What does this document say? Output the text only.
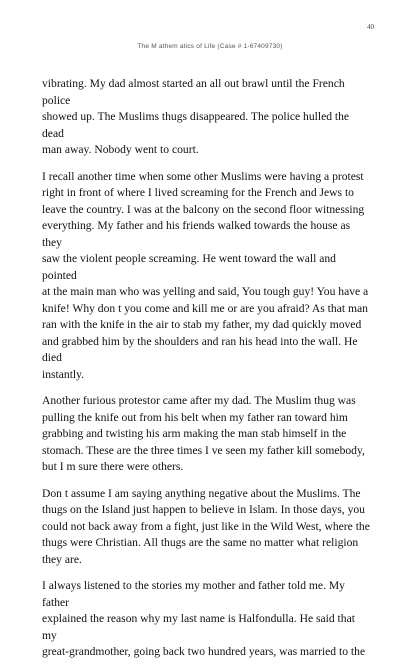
40

The M athem atics of Life (Case # 1-67409730)

vibrating. My dad almost started an all out brawl until the French police
showed up. The Muslims thugs disappeared. The police hulled the dead
man away. Nobody went to court.

I recall another time when some other Muslims were having a protest
right in front of where I lived screaming for the French and Jews to
leave the country. I was at the balcony on the second floor witnessing
everything. My father and his friends walked towards the house as they
saw the violent people screaming. He went toward the wall and pointed
at the main man who was yelling and said, You tough guy! You have a
knife! Why don t you come and kill me or are you afraid? As that man
ran with the knife in the air to stab my father, my dad quickly moved
and grabbed him by the shoulders and ran his head into the wall. He died
instantly.

Another furious protestor came after my dad. The Muslim thug was
pulling the knife out from his belt when my father ran toward him
grabbing and twisting his arm making the man stab himself in the
stomach. These are the three times I ve seen my father kill somebody,
but I m sure there were others.

Don t assume I am saying anything negative about the Muslims. The
thugs on the Island just happen to believe in Islam. In those days, you
could not back away from a fight, just like in the Wild West, where the
thugs were Christian. All thugs are the same no matter what religion
they are.

I always listened to the stories my mother and father told me. My father
explained the reason why my last name is Halfondulla. He said that my
great-grandmother, going back two hundred years, was married to the
